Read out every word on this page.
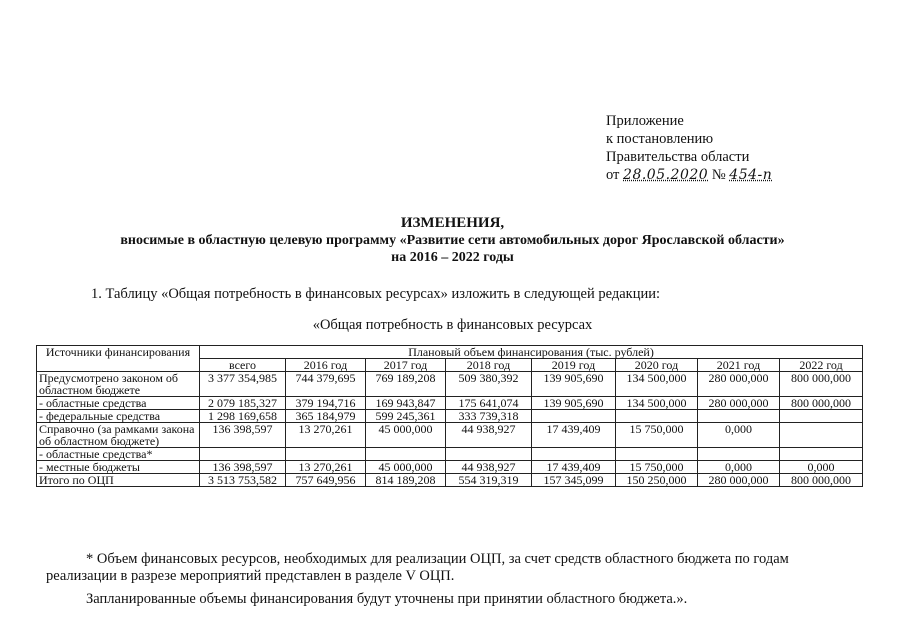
Приложение
к постановлению
Правительства области
от 28.05.2020 № 454-п
ИЗМЕНЕНИЯ,
вносимые в областную целевую программу «Развитие сети автомобильных дорог Ярославской области»
на 2016 – 2022 годы
1. Таблицу «Общая потребность в финансовых ресурсах» изложить в следующей редакции:
«Общая потребность в финансовых ресурсах
Источники финансирования	Плановый объем финансирования (тыс. рублей)							
	всего	2016 год	2017 год	2018 год	2019 год	2020 год	2021 год	2022 год
Предусмотрено законом об областном бюджете	3 377 354,985	744 379,695	769 189,208	509 380,392	139 905,690	134 500,000	280 000,000	800 000,000
- областные средства	2 079 185,327	379 194,716	169 943,847	175 641,074	139 905,690	134 500,000	280 000,000	800 000,000
- федеральные средства	1 298 169,658	365 184,979	599 245,361	333 739,318				
Справочно (за рамками закона об областном бюджете)	136 398,597	13 270,261	45 000,000	44 938,927	17 439,409	15 750,000	0,000	
- областные средства*								
- местные бюджеты	136 398,597	13 270,261	45 000,000	44 938,927	17 439,409	15 750,000	0,000	0,000
Итого по ОЦП	3 513 753,582	757 649,956	814 189,208	554 319,319	157 345,099	150 250,000	280 000,000	800 000,000

* Объем финансовых ресурсов, необходимых для реализации ОЦП, за счет средств областного бюджета по годам реализации в разрезе мероприятий представлен в разделе V ОЦП.

Запланированные объемы финансирования будут уточнены при принятии областного бюджета.».
